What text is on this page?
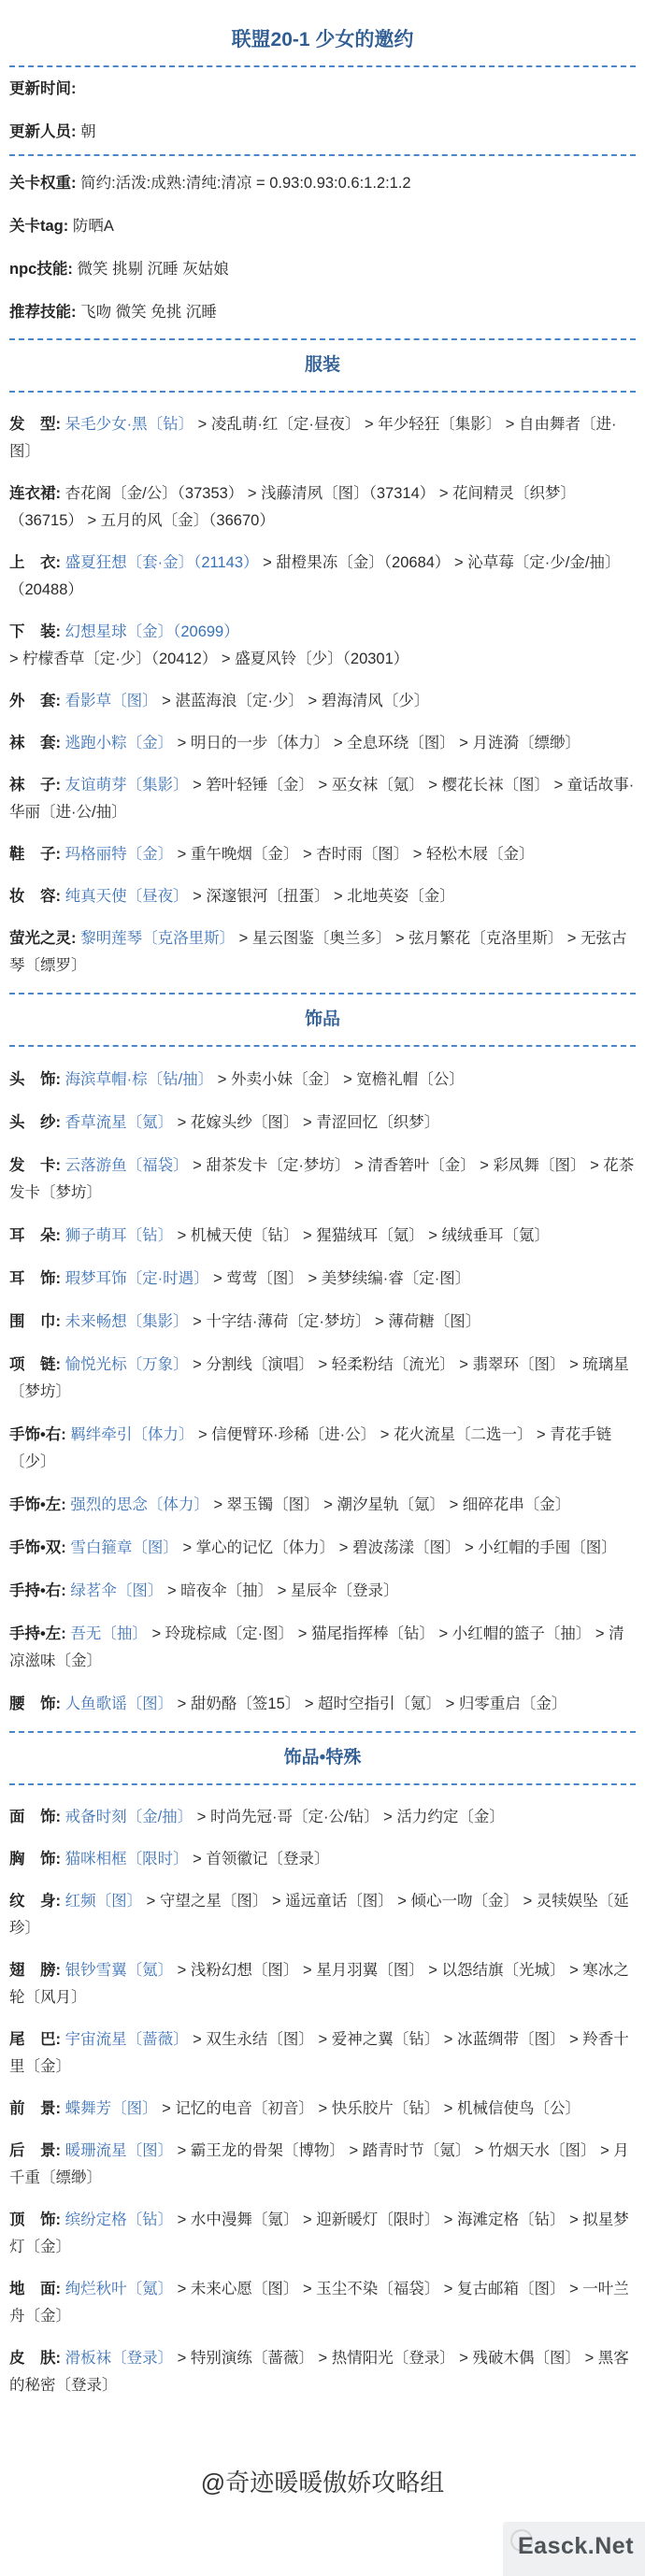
联盟20-1 少女的邀约

更新时间:

更新人员: 朝

关卡权重: 简约:活泼:成熟:清纯:清凉 = 0.93:0.93:0.6:1.2:1.2

关卡tag: 防晒A

npc技能: 微笑 挑剔 沉睡 灰姑娘

推荐技能: 飞吻 微笑 免挑 沉睡

服装

发　型: 呆毛少女·黑〔钻〕 > 凌乱萌·红〔定·昼夜〕 > 年少轻狂〔集影〕 > 自由舞者〔进·图〕

连衣裙: 杏花阁〔金/公〕（37353） > 浅藤清夙〔图〕（37314） > 花间精灵〔织梦〕（36715） > 五月的风〔金〕（36670）

上　衣: 盛夏狂想〔套·金〕（21143） > 甜橙果冻〔金〕（20684） > 沁草莓〔定·少/金/抽〕（20488）

下　装: 幻想星球〔金〕（20699） > 柠檬香草〔定·少〕（20412） > 盛夏风铃〔少〕（20301）

外　套: 看影草〔图〕 > 湛蓝海浪〔定·少〕 > 碧海清风〔少〕

袜　套: 逃跑小粽〔金〕 > 明日的一步〔体力〕 > 全息环绕〔图〕 > 月涟漪〔缥缈〕

袜　子: 友谊萌芽〔集影〕 > 箬叶轻锤〔金〕 > 巫女袜〔氪〕 > 樱花长袜〔图〕 > 童话故事·华丽〔进·公/抽〕

鞋　子: 玛格丽特〔金〕 > 重午晚烟〔金〕 > 杏时雨〔图〕 > 轻松木屐〔金〕

妆　容: 纯真天使〔昼夜〕 > 深邃银河〔扭蛋〕 > 北地英姿〔金〕

萤光之灵: 黎明莲琴〔克洛里斯〕 > 星云图鉴〔奥兰多〕 > 弦月繁花〔克洛里斯〕 > 无弦古琴〔缥罗〕

饰品

头　饰: 海滨草帽·棕〔钻/抽〕 > 外卖小妹〔金〕 > 宽檐礼帽〔公〕

头　纱: 香草流星〔氪〕 > 花嫁头纱〔图〕 > 青涩回忆〔织梦〕

发　卡: 云落游鱼〔福袋〕 > 甜茶发卡〔定·梦坊〕 > 清香箬叶〔金〕 > 彩凤舞〔图〕 > 花茶发卡〔梦坊〕

耳　朵: 狮子萌耳〔钻〕 > 机械天使〔钻〕 > 猩猫绒耳〔氪〕 > 绒绒垂耳〔氪〕

耳　饰: 瑕梦耳饰〔定·时遇〕 > 莺莺〔图〕 > 美梦续编·睿〔定·图〕

围　巾: 未来畅想〔集影〕 > 十字结·薄荷〔定·梦坊〕 > 薄荷糖〔图〕

项　链: 愉悦光标〔万象〕 > 分割线〔演唱〕 > 轻柔粉结〔流光〕 > 翡翠环〔图〕 > 琉璃星〔梦坊〕

手饰•右: 羁绊牵引〔体力〕 > 信便臂环·珍稀〔进·公〕 > 花火流星〔二选一〕 > 青花手链〔少〕

手饰•左: 强烈的思念〔体力〕 > 翠玉镯〔图〕 > 潮汐星轨〔氪〕 > 细碎花串〔金〕

手饰•双: 雪白箍章〔图〕 > 掌心的记忆〔体力〕 > 碧波荡漾〔图〕 > 小红帽的手囤〔图〕

手持•右: 绿茗伞〔图〕 > 暗夜伞〔抽〕 > 星辰伞〔登录〕

手持•左: 吾无〔抽〕 > 玲珑棕咸〔定·图〕 > 猫尾指挥棒〔钻〕 > 小红帽的篮子〔抽〕 > 清凉滋味〔金〕

腰　饰: 人鱼歌谣〔图〕 > 甜奶酪〔签15〕 > 超时空指引〔氪〕 > 归零重启〔金〕

饰品•特殊

面　饰: 戒备时刻〔金/抽〕 > 时尚先冠·哥〔定·公/钻〕 > 活力约定〔金〕

胸　饰: 猫咪相框〔限时〕 > 首领徽记〔登录〕

纹　身: 红频〔图〕 > 守望之星〔图〕 > 遥远童话〔图〕 > 倾心一吻〔金〕 > 灵犊娱坠〔延珍〕

翅　膀: 银钞雪翼〔氪〕 > 浅粉幻想〔图〕 > 星月羽翼〔图〕 > 以怨结旗〔光城〕 > 寒冰之轮〔风月〕

尾　巴: 宇宙流星〔蔷薇〕 > 双生永结〔图〕 > 爱神之翼〔钻〕 > 冰蓝绸带〔图〕 > 羚香十里〔金〕

前　景: 蝶舞芳〔图〕 > 记忆的电音〔初音〕 > 快乐胶片〔钻〕 > 机械信使鸟〔公〕

后　景: 暖珊流星〔图〕 > 霸王龙的骨架〔博物〕 > 踏青时节〔氪〕 > 竹烟天水〔图〕 > 月千重〔缥缈〕

顶　饰: 缤纷定格〔钻〕 > 水中漫舞〔氪〕 > 迎新暖灯〔限时〕 > 海滩定格〔钻〕 > 拟星梦灯〔金〕

地　面: 绚烂秋叶〔氪〕 > 未来心愿〔图〕 > 玉尘不染〔福袋〕 > 复古邮箱〔图〕 > 一叶兰舟〔金〕

皮　肤: 滑板袜〔登录〕 > 特别演练〔蔷薇〕 > 热情阳光〔登录〕 > 残破木偶〔图〕 > 黑客的秘密〔登录〕

@奇迹暖暖傲娇攻略组
Easck.Net
